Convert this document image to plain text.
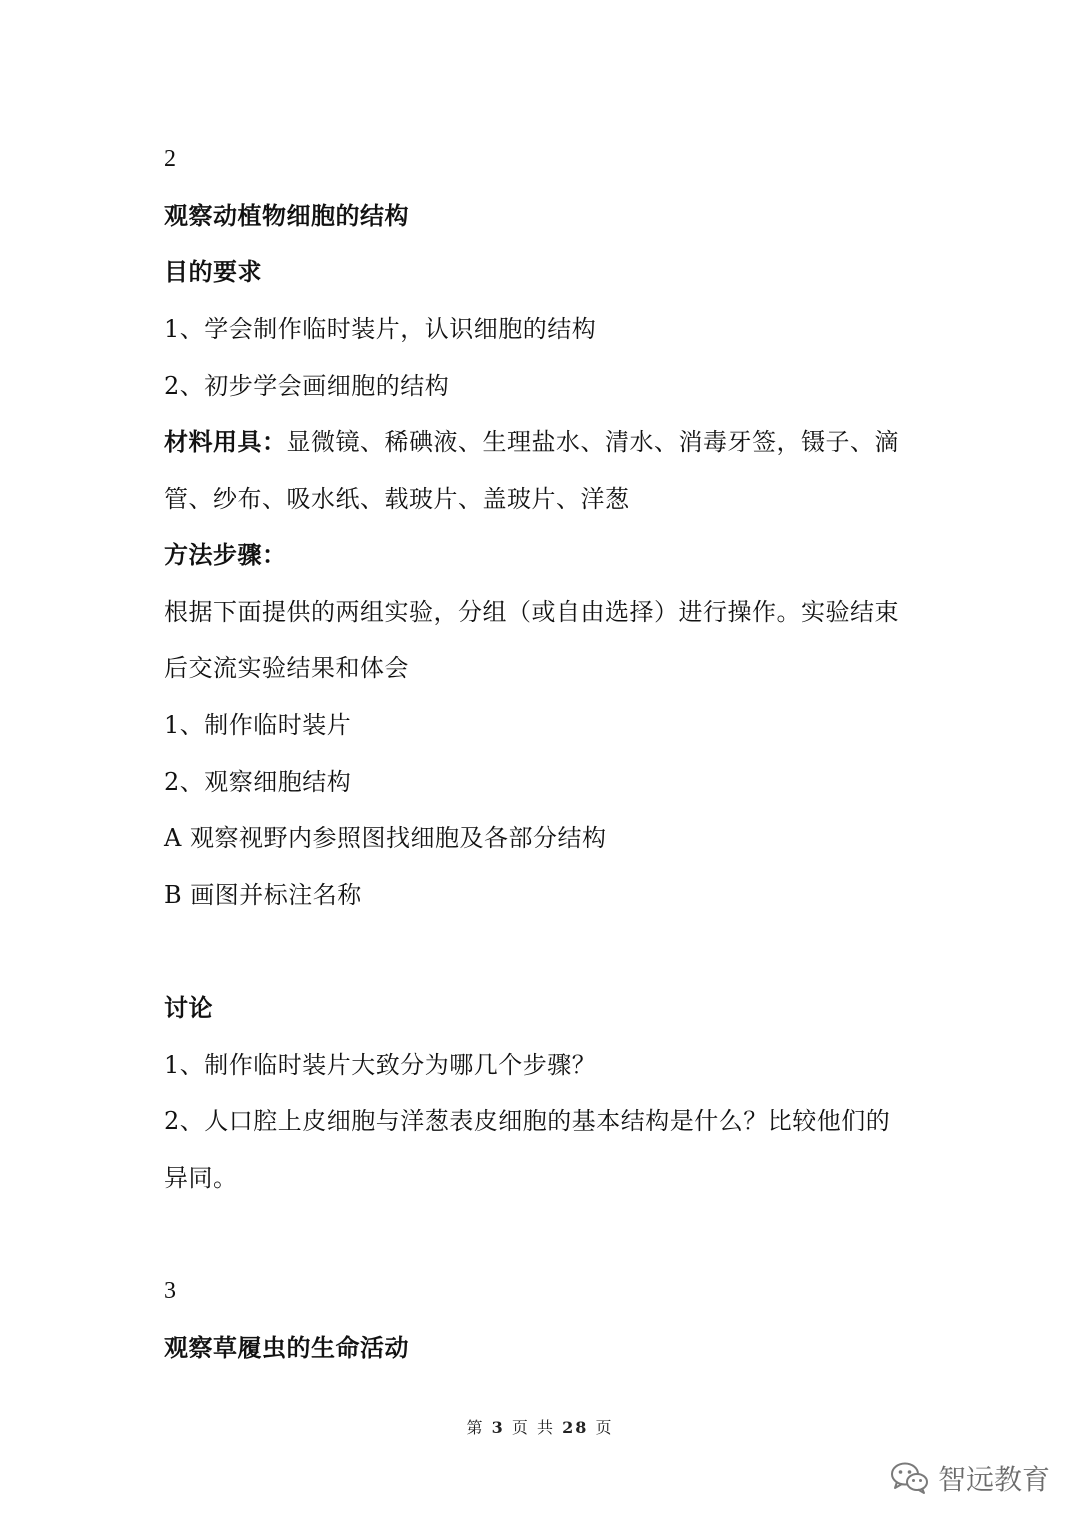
2
观察动植物细胞的结构
目的要求
1、学会制作临时装片，认识细胞的结构
2、初步学会画细胞的结构
材料用具：显微镜、稀碘液、生理盐水、清水、消毒牙签，镊子、滴
管、纱布、吸水纸、载玻片、盖玻片、洋葱
方法步骤：
根据下面提供的两组实验，分组（或自由选择）进行操作。实验结束
后交流实验结果和体会
1、制作临时装片
2、观察细胞结构
A 观察视野内参照图找细胞及各部分结构
B 画图并标注名称
讨论
1、制作临时装片大致分为哪几个步骤？
2、人口腔上皮细胞与洋葱表皮细胞的基本结构是什么？比较他们的
异同。
3
观察草履虫的生命活动
第 3 页 共 28 页
智远教育
